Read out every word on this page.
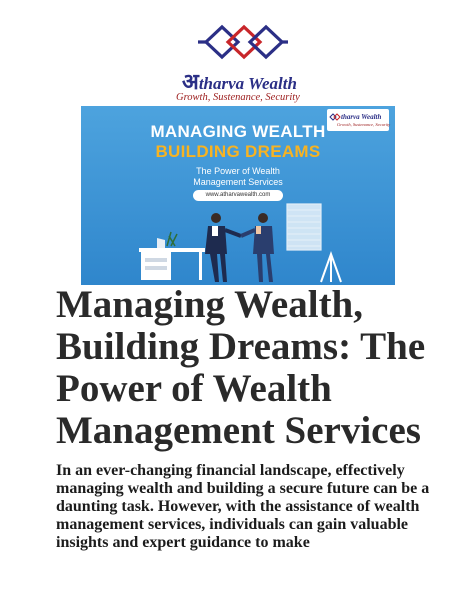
अtharva Wealth
Growth, Sustenance, Security
tharva Wealth
Growth, Sustenance, Security
MANAGING WEALTH
BUILDING DREAMS
The Power of Wealth
Management Services
www.atharvawealth.com
Managing Wealth, Building Dreams: The Power of Wealth Management Services

In an ever-changing financial landscape, effectively managing wealth and building a secure future can be a daunting task. However, with the assistance of wealth management services, individuals can gain valuable insights and expert guidance to make
